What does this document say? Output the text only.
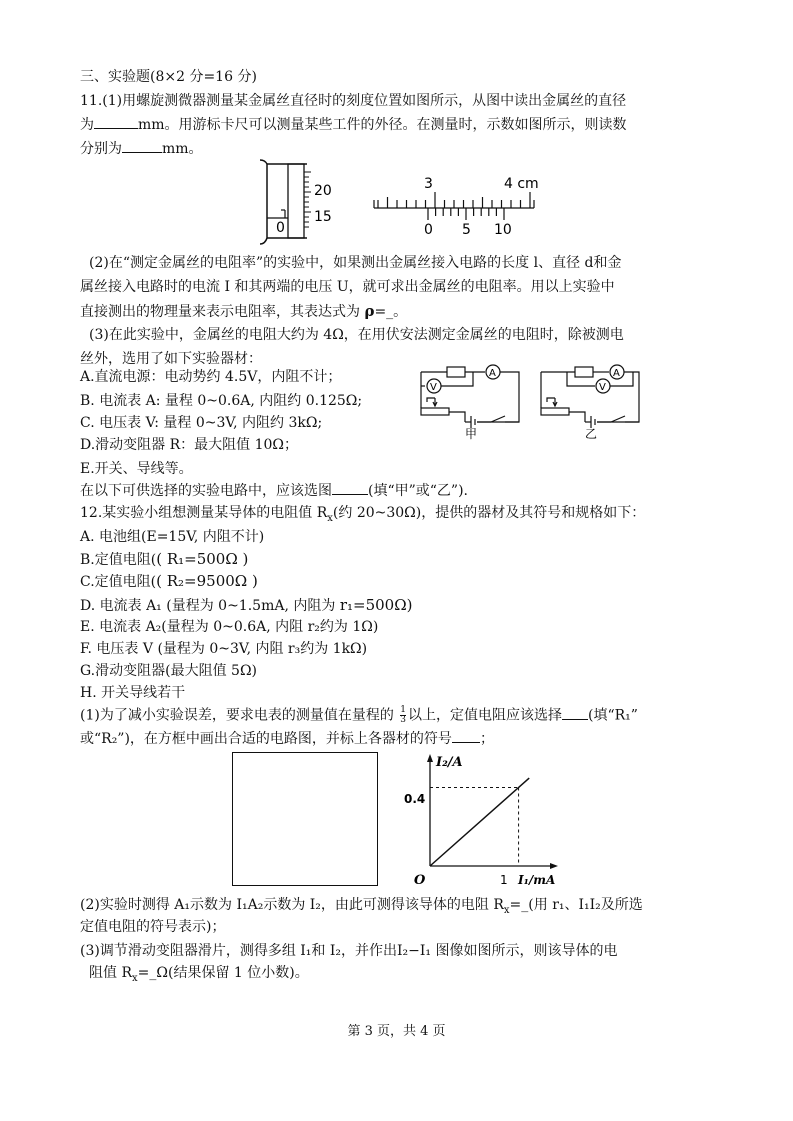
三、实验题(8×2 分=16 分)
11.(1)用螺旋测微器测量某金属丝直径时的刻度位置如图所示，从图中读出金属丝的直径
为	mm。用游标卡尺可以测量某些工件的外径。在测量时，示数如图所示，则读数
分别为	mm。
20
15
0
3	4 cm
0 5 10
(2)在“测定金属丝的电阻率”的实验中，如果测出金属丝接入电路的长度 l、直径 d和金
属丝接入电路时的电流 I 和其两端的电压 U，就可求出金属丝的电阻率。用以上实验中
直接测出的物理量来表示电阻率，其表达式为 ρ=_。
(3)在此实验中，金属丝的电阻大约为 4Ω，在用伏安法测定金属丝的电阻时，除被测电
丝外，选用了如下实验器材：
A.直流电源：电动势约 4.5V，内阻不计；
B. 电流表 A: 量程 0~0.6A, 内阻约 0.125Ω;
C. 电压表 V: 量程 0~3V, 内阻约 3kΩ;
D.滑动变阻器 R：最大阻值 10Ω；
E.开关、导线等。
A
V
甲
A
V
乙
在以下可供选择的实验电路中，应该选图	(填“甲”或“乙”).
12.某实验小组想测量某导体的电阻值 $R_x$(约 20~30Ω)，提供的器材及其符号和规格如下：
A. 电池组(E=15V, 内阻不计)
B.定值电阻(( R₁=500Ω )
C.定值电阻(( R₂=9500Ω )
D. 电流表 A₁ (量程为 0~1.5mA, 内阻为 r₁=500Ω)
E. 电流表 A₂(量程为 0~0.6A, 内阻 r₂约为 1Ω)
F. 电压表 V (量程为 0~3V, 内阻 r₃约为 1kΩ)
G.滑动变阻器(最大阻值 5Ω)
H. 开关导线若干
(1)为了减小实验误差，要求电表的测量值在量程的 $\frac{1}{3}$ 以上，定值电阻应该选择 (填“R₁”
或“R₂”)，在方框中画出合适的电路图，并标上各器材的符号 ；
I₂/A
I₁/mA
O
0.4
1
(2)实验时测得 A₁示数为 I₁A₂示数为 I₂，由此可测得该导体的电阻 $R_x=\_$(用 r₁、I₁I₂及所选
定值电阻的符号表示)；
(3)调节滑动变阻器滑片，测得多组 I₁和 I₂，并作出I₂−I₁ 图像如图所示，则该导体的电
阻值 $R_x=\_\Omega$(结果保留 1 位小数)。
第 3 页，共 4 页
